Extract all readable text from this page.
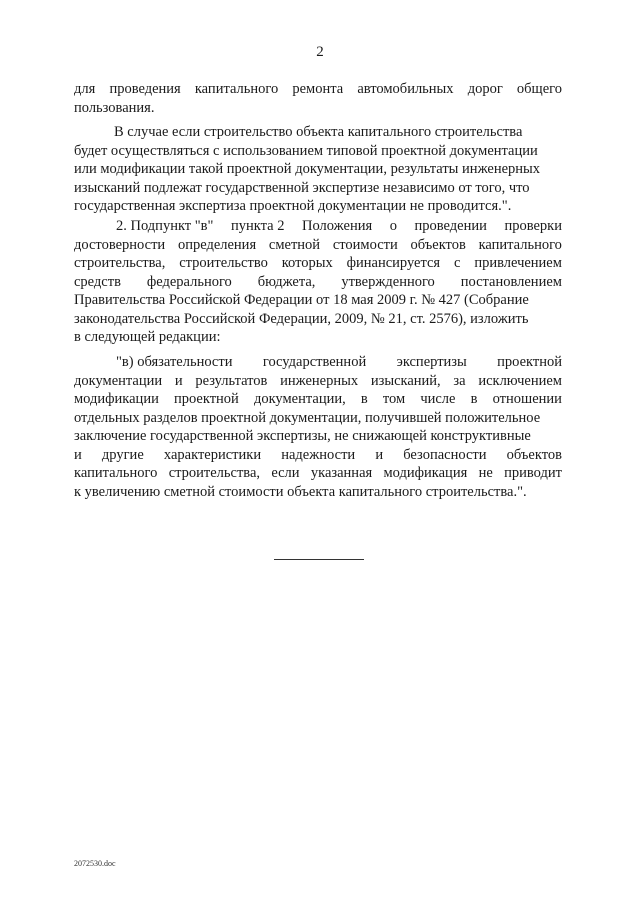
2
для проведения капитального ремонта автомобильных дорог общего
пользования.
В случае если строительство объекта капитального строительства
будет осуществляться с использованием типовой проектной документации
или модификации такой проектной документации, результаты инженерных
изысканий подлежат государственной экспертизе независимо от того, что
государственная экспертиза проектной документации не проводится.".
2. Подпункт "в" пункта 2 Положения о проведении проверки
достоверности определения сметной стоимости объектов капитального
строительства, строительство которых финансируется с привлечением
средств федерального бюджета, утвержденного постановлением
Правительства Российской Федерации от 18 мая 2009 г. № 427 (Собрание
законодательства Российской Федерации, 2009, № 21, ст. 2576), изложить
в следующей редакции:
"в) обязательности государственной экспертизы проектной
документации и результатов инженерных изысканий, за исключением
модификации проектной документации, в том числе в отношении
отдельных разделов проектной документации, получившей положительное
заключение государственной экспертизы, не снижающей конструктивные
и другие характеристики надежности и безопасности объектов
капитального строительства, если указанная модификация не приводит
к увеличению сметной стоимости объекта капитального строительства.".
2072530.doc
